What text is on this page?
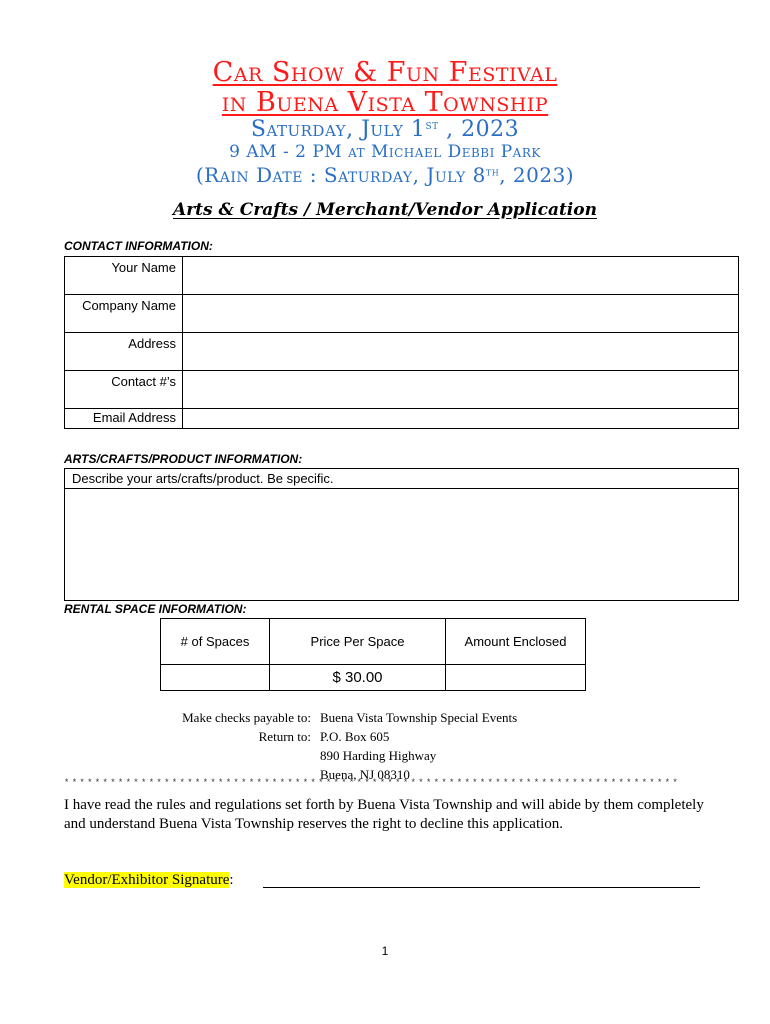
Car Show & Fun Festival
in Buena Vista Township
Saturday, July 1st , 2023
9 AM - 2 PM at Michael Debbi Park
(Rain Date : Saturday, July 8th, 2023)
Arts & Crafts / Merchant/Vendor Application
CONTACT INFORMATION:
Your Name	
Company Name	
Address	
Contact #’s	
Email Address	
ARTS/CRAFTS/PRODUCT INFORMATION:
Describe your arts/crafts/product. Be specific.

RENTAL SPACE INFORMATION:
# of Spaces	Price Per Space	Amount Enclosed
	$ 30.00	
Make checks payable to: Buena Vista Township Special Events
Return to: P.O. Box 605
890 Harding Highway
Buena, NJ 08310
********************************************************************************
I have read the rules and regulations set forth by Buena Vista Township and will abide by them completely and understand Buena Vista Township reserves the right to decline this application.
Vendor/Exhibitor Signature:
1
